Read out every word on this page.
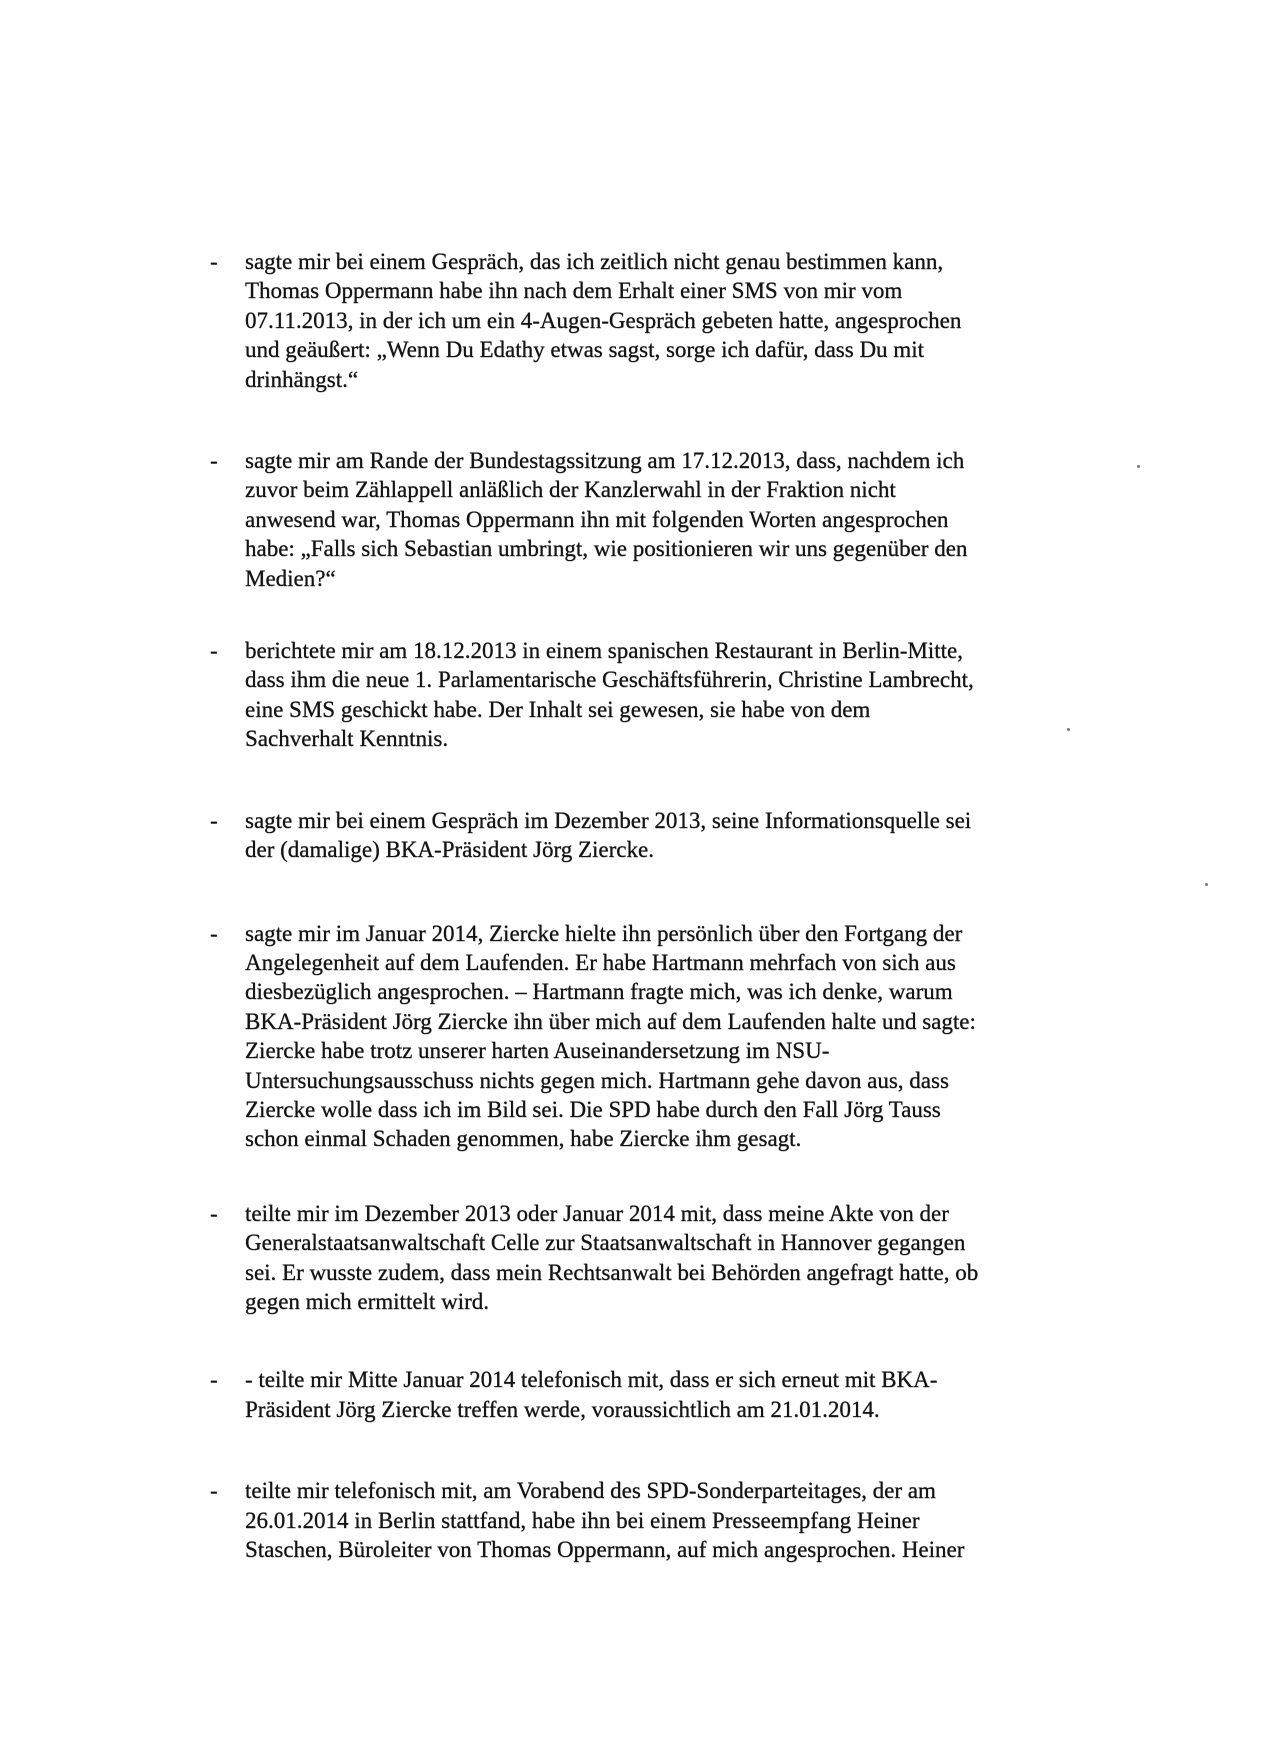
-	sagte mir bei einem Gespräch, das ich zeitlich nicht genau bestimmen kann,
Thomas Oppermann habe ihn nach dem Erhalt einer SMS von mir vom
07.11.2013, in der ich um ein 4-Augen-Gespräch gebeten hatte, angesprochen
und geäußert: „Wenn Du Edathy etwas sagst, sorge ich dafür, dass Du mit
drinhängst.“
-	sagte mir am Rande der Bundestagssitzung am 17.12.2013, dass, nachdem ich
zuvor beim Zählappell anläßlich der Kanzlerwahl in der Fraktion nicht
anwesend war, Thomas Oppermann ihn mit folgenden Worten angesprochen
habe: „Falls sich Sebastian umbringt, wie positionieren wir uns gegenüber den
Medien?“
-	berichtete mir am 18.12.2013 in einem spanischen Restaurant in Berlin-Mitte,
dass ihm die neue 1. Parlamentarische Geschäftsführerin, Christine Lambrecht,
eine SMS geschickt habe. Der Inhalt sei gewesen, sie habe von dem
Sachverhalt Kenntnis.
-	sagte mir bei einem Gespräch im Dezember 2013, seine Informationsquelle sei
der (damalige) BKA-Präsident Jörg Ziercke.
-	sagte mir im Januar 2014, Ziercke hielte ihn persönlich über den Fortgang der
Angelegenheit auf dem Laufenden. Er habe Hartmann mehrfach von sich aus
diesbezüglich angesprochen. – Hartmann fragte mich, was ich denke, warum
BKA-Präsident Jörg Ziercke ihn über mich auf dem Laufenden halte und sagte:
Ziercke habe trotz unserer harten Auseinandersetzung im NSU-
Untersuchungsausschuss nichts gegen mich. Hartmann gehe davon aus, dass
Ziercke wolle dass ich im Bild sei. Die SPD habe durch den Fall Jörg Tauss
schon einmal Schaden genommen, habe Ziercke ihm gesagt.
-	teilte mir im Dezember 2013 oder Januar 2014 mit, dass meine Akte von der
Generalstaatsanwaltschaft Celle zur Staatsanwaltschaft in Hannover gegangen
sei. Er wusste zudem, dass mein Rechtsanwalt bei Behörden angefragt hatte, ob
gegen mich ermittelt wird.
-	- teilte mir Mitte Januar 2014 telefonisch mit, dass er sich erneut mit BKA-
Präsident Jörg Ziercke treffen werde, voraussichtlich am 21.01.2014.
-	teilte mir telefonisch mit, am Vorabend des SPD-Sonderparteitages, der am
26.01.2014 in Berlin stattfand, habe ihn bei einem Presseempfang Heiner
Staschen, Büroleiter von Thomas Oppermann, auf mich angesprochen. Heiner
